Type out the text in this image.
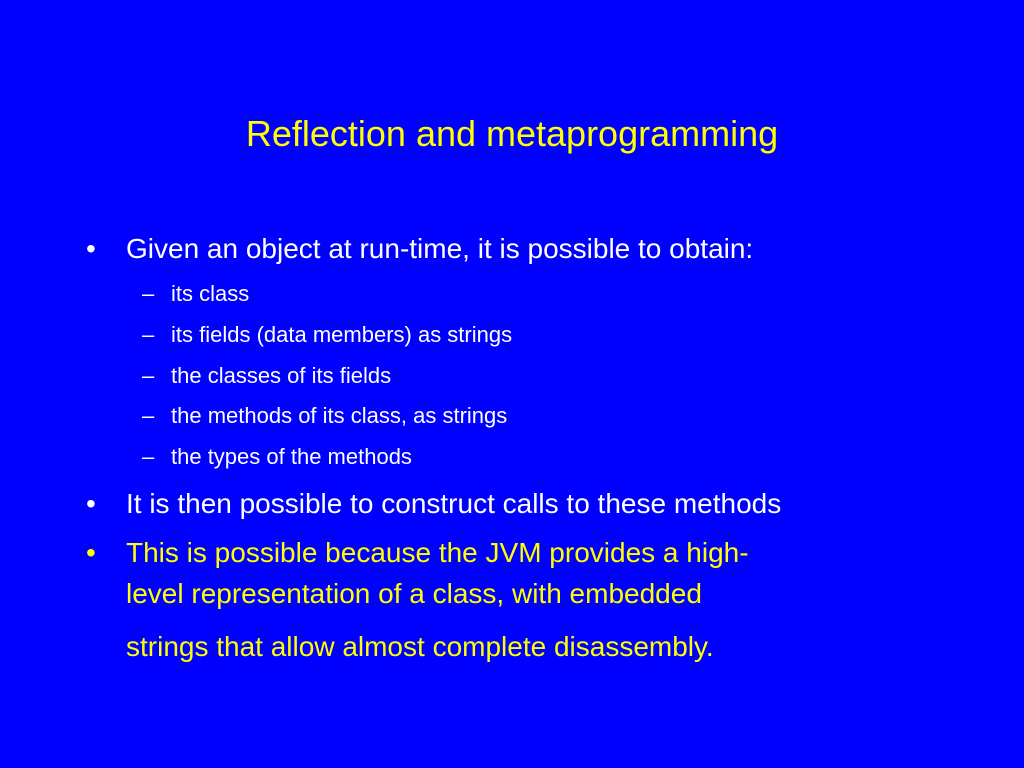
Reflection and metaprogramming
• Given an object at run-time, it is possible to obtain:
– its class
– its fields (data members) as strings
– the classes of its fields
– the methods of its class, as strings
– the types of the methods
• It is then possible to construct calls to these methods
• This is possible because the JVM provides a high-
level representation of a class, with embedded
strings that allow almost complete disassembly.
